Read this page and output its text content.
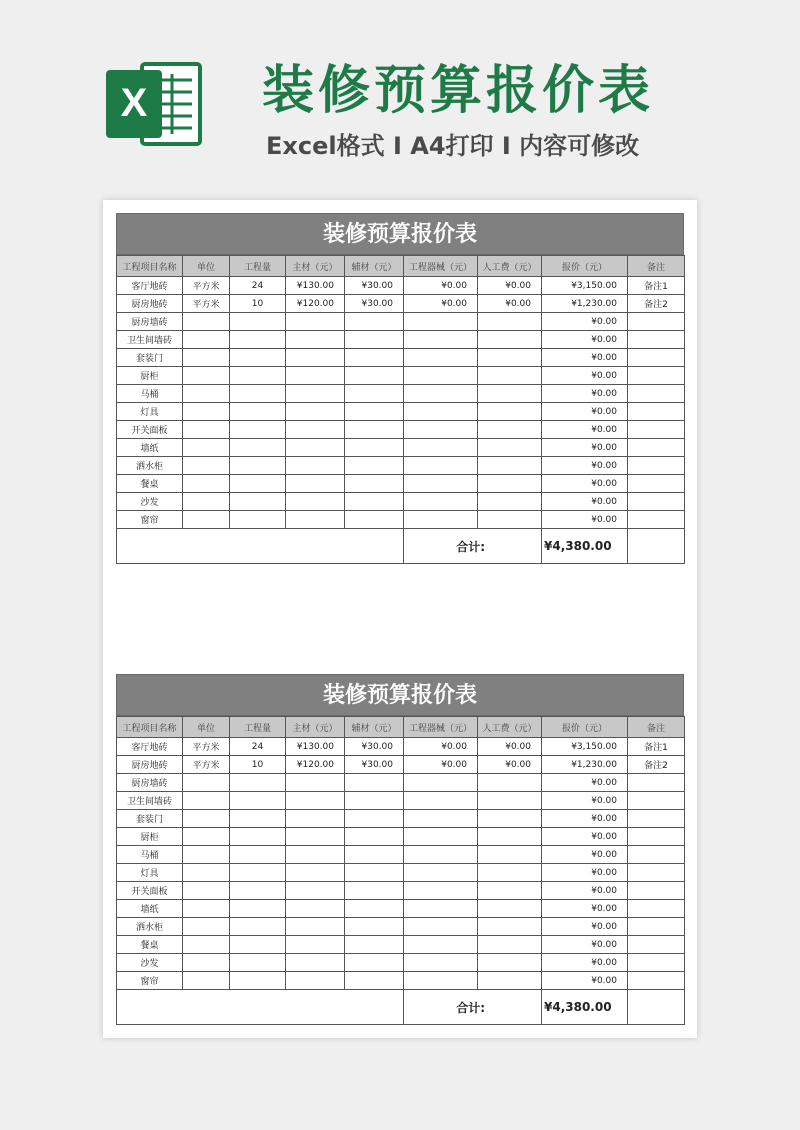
X 装修预算报价表
Excel格式 I A4打印 I 内容可修改
装修预算报价表
工程项目名称	单位	工程量	主材（元）	辅材（元）	工程器械（元）	人工费（元）	报价（元）	备注
客厅地砖	平方米	24	¥130.00	¥30.00	¥0.00	¥0.00	¥3,150.00	备注1
厨房地砖	平方米	10	¥120.00	¥30.00	¥0.00	¥0.00	¥1,230.00	备注2
厨房墙砖							¥0.00	
卫生间墙砖							¥0.00	
套装门							¥0.00	
厨柜							¥0.00	
马桶							¥0.00	
灯具							¥0.00	
开关面板							¥0.00	
墙纸							¥0.00	
洒水柜							¥0.00	
餐桌							¥0.00	
沙发							¥0.00	
窗帘							¥0.00	
					合计:		¥4,380.00	
装修预算报价表
工程项目名称	单位	工程量	主材（元）	辅材（元）	工程器械（元）	人工费（元）	报价（元）	备注
客厅地砖	平方米	24	¥130.00	¥30.00	¥0.00	¥0.00	¥3,150.00	备注1
厨房地砖	平方米	10	¥120.00	¥30.00	¥0.00	¥0.00	¥1,230.00	备注2
厨房墙砖							¥0.00	
卫生间墙砖							¥0.00	
套装门							¥0.00	
厨柜							¥0.00	
马桶							¥0.00	
灯具							¥0.00	
开关面板							¥0.00	
墙纸							¥0.00	
洒水柜							¥0.00	
餐桌							¥0.00	
沙发							¥0.00	
窗帘							¥0.00	
					合计:		¥4,380.00	
